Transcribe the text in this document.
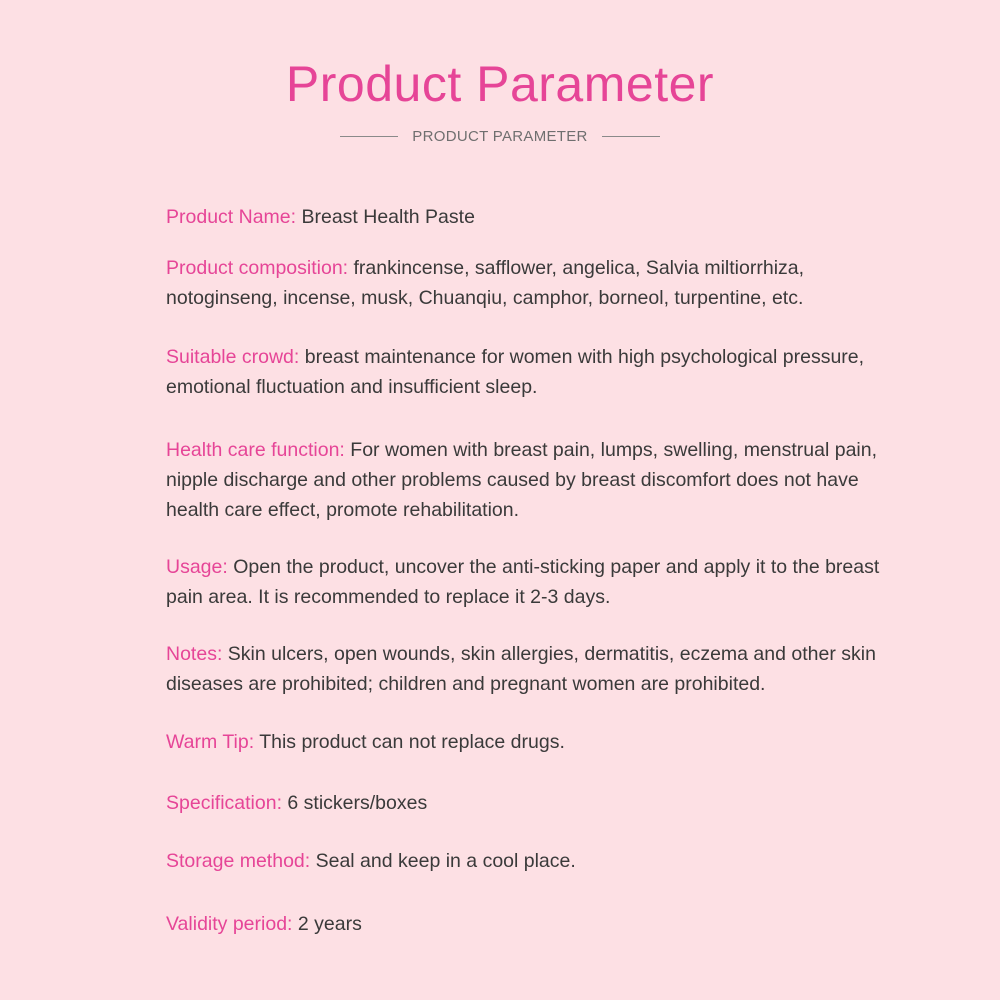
Product Parameter
PRODUCT PARAMETER
Product Name: Breast Health Paste
Product composition: frankincense, safflower, angelica, Salvia miltiorrhiza, notoginseng, incense, musk, Chuanqiu, camphor, borneol, turpentine, etc.
Suitable crowd: breast maintenance for women with high psychological pressure, emotional fluctuation and insufficient sleep.
Health care function: For women with breast pain, lumps, swelling, menstrual pain, nipple discharge and other problems caused by breast discomfort does not have health care effect, promote rehabilitation.
Usage: Open the product, uncover the anti-sticking paper and apply it to the breast pain area. It is recommended to replace it 2-3 days.
Notes: Skin ulcers, open wounds, skin allergies, dermatitis, eczema and other skin diseases are prohibited; children and pregnant women are prohibited.
Warm Tip: This product can not replace drugs.
Specification: 6 stickers/boxes
Storage method: Seal and keep in a cool place.
Validity period: 2 years
